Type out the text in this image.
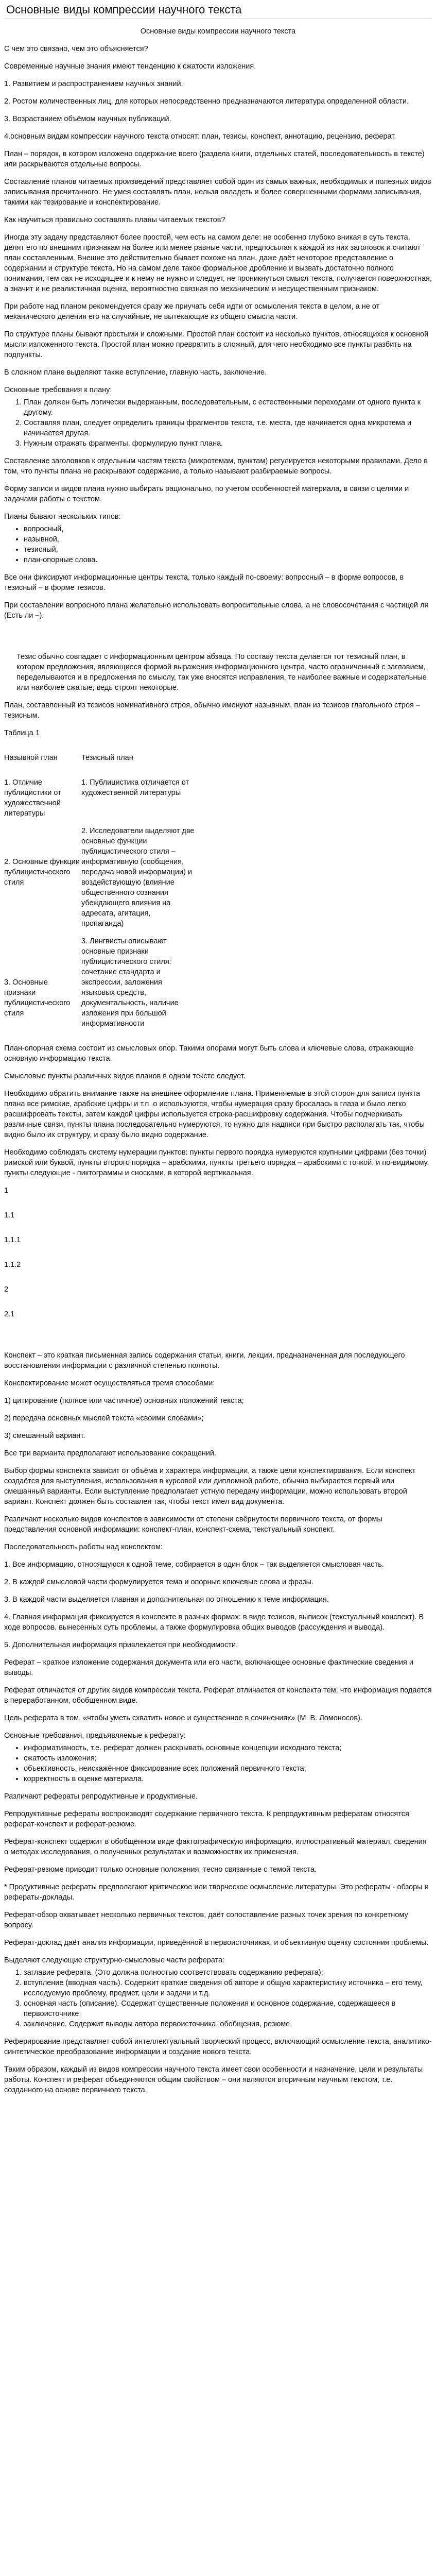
Основные виды компрессии научного текста

Основные виды компрессии научного текста

С чем это связано, чем это объясняется?

Современные научные знания имеют тенденцию к сжатости изложения.

1. Развитием и распространением научных знаний.

2. Ростом количественных лиц, для которых непосредственно предназначаются литература определенной области.

3. Возрастанием объёмом научных публикаций.

4.основным видам компрессии научного текста относят: план, тезисы, конспект, аннотацию, рецензию, реферат.

План – порядок, в котором изложено содержание всего (раздела книги, отдельных статей, последовательность в тексте) или раскрываются отдельные вопросы.

Составление планов читаемых произведений представляет собой один из самых важных, необходимых и полезных видов записывания прочитанного. Не умея составлять план, нельзя овладеть и более совершенными формами записывания, такими как тезирование и конспектирование.

Как научиться правильно составлять планы читаемых текстов?

Иногда эту задачу представляют более простой, чем есть на самом деле: не особенно глубоко вникая в суть текста, делят его по внешним признакам на более или менее равные части, предпосылая к каждой из них заголовок и считают план составленным. Внешне это действительно бывает похоже на план, даже даёт некоторое представление о содержании и структуре текста. Но на самом деле такое формальное дробление и вызвать достаточно полного понимания, тем сах не исходящее и к нему не нужно и следует, не проникнуться смысл текста, получается поверхностная, а значит и не реалистичная оценка, вероятностно связная по механическим и несущественным признаком.

При работе над планом рекомендуется сразу же приучать себя идти от осмысления текста в целом, а не от механического деления его на случайные, не вытекающие из общего смысла части.

По структуре планы бывают простыми и сложными. Простой план состоит из несколько пунктов, относящихся к основной мысли изложенного текста. Простой план можно превратить в сложный, для чего необходимо все пункты разбить на подпункты.

В сложном плане выделяют также вступление, главную часть, заключение.

Основные требования к плану:

1. План должен быть логически выдержанным, последовательным, с естественными переходами от одного пункта к другому.
2. Составляя план, следует определить границы фрагментов текста, т.е. места, где начинается одна микротема и начинается другая.
3. Нужным отражать фрагменты, формулирую пункт плана.

Составление заголовков к отдельным частям текста (микротемам, пунктам) регулируется некоторыми правилами. Дело в том, что пункты плана не раскрывают содержание, а только называют разбираемые вопросы.

Форму записи и видов плана нужно выбирать рационально, по учетом особенностей материала, в связи с целями и задачами работы с текстом.

Планы бывают нескольких типов:

• вопросный,
• назывной,
• тезисный,
• план-опорные слова.

Все они фиксируют информационные центры текста, только каждый по-своему: вопросный – в форме вопросов, в тезисный – в форме тезисов.

При составлении вопросного плана желательно использовать вопросительные слова, а не словосочетания с частицей ли (Есть ли –).

Тезис обычно совпадает с информационным центром абзаца. По составу текста делается тот тезисный план, в котором предложения, являющиеся формой выражения информационного центра, часто ограниченный с заглавием, переделываются и в предложения по смыслу, так уже вносятся исправления, те наиболее важные и содержательные или наиболее сжатые, ведь строят некоторые.

План, составленный из тезисов номинативного строя, обычно именуют назывным, план из тезисов глагольного строя – тезисным.

Таблица 1

Назывной план	Тезисный план
1. Отличие публицистики от художественной литературы
1. Публицистика отличается от художественной литературы
2. Основные функции публицистического стиля
2. Исследователи выделяют две основные функции публицистического стиля – информативную (сообщения, передача новой информации) и воздействующую (влияние общественного сознания убеждающего влияния на адресата, агитация, пропаганда)
3. Основные признаки публицистического стиля
3. Лингвисты описывают основные признаки публицистического стиля: сочетание стандарта и экспрессии, заложения языковых средств, документальность, наличие изложения при большой информативности

План-опорная схема состоит из смысловых опор. Такими опорами могут быть слова и ключевые слова, отражающие основную информацию текста.

Смысловые пункты различных видов планов в одном тексте следует.

Необходимо обратить внимание также на внешнее оформление плана. Применяемые в этой сторон для записи пункта плана все римские, арабские цифры и т.п. о используются, чтобы нумерация сразу бросалась в глаза и было легко расшифровать тексты, затем каждой цифры используется строка-расшифровку содержания. Чтобы подчеркивать различные связи, пункты плана последовательно нумеруются, то нужно для надписи при быстро располагать так, чтобы видно было их структуру, и сразу было видно содержание.

Необходимо соблюдать систему нумерации пунктов: пункты первого порядка нумеруются крупными цифрами (без точки) римской или буквой, пункты второго порядка – арабскими, пункты третьего порядка – арабскими с точкой. и по-видимому, пункты следующие - пиктограммы и сносками, в которой вертикальная.

1

1.1

1.1.1

1.1.2

2

2.1

Конспект – это краткая письменная запись содержания статьи, книги, лекции, предназначенная для последующего восстановления информации с различной степенью полноты.

Конспектирование может осуществляться тремя способами:

1) цитирование (полное или частичное) основных положений текста;

2) передача основных мыслей текста «своими словами»;

3) смешанный вариант.

Все три варианта предполагают использование сокращений.

Выбор формы конспекта зависит от объёма и характера информации, а также цели конспектирования. Если конспект создаётся для выступления, использования в курсовой или дипломной работе, обычно выбирается первый или смешанный варианты. Если выступление предполагает устную передачу информации, можно использовать второй вариант. Конспект должен быть составлен так, чтобы текст имел вид документа.

Различают несколько видов конспектов в зависимости от степени свёрнутости первичного текста, от формы представления основной информации: конспект-план, конспект-схема, текстуальный конспект.

Последовательность работы над конспектом:

1. Все информацию, относящуюся к одной теме, собирается в один блок – так выделяется смысловая часть.

2. В каждой смысловой части формулируется тема и опорные ключевые слова и фразы.

3. В каждой части выделяется главная и дополнительная по отношению к теме информация.

4. Главная информация фиксируется в конспекте в разных формах: в виде тезисов, выписок (текстуальный конспект). В ходе вопросов, вынесенных суть проблемы, а также формулировка общих выводов (рассуждения и вывода).

5. Дополнительная информация привлекается при необходимости.

Реферат – краткое изложение содержания документа или его части, включающее основные фактические сведения и выводы.

Реферат отличается от других видов компрессии текста. Реферат отличается от конспекта тем, что информация подается в переработанном, обобщенном виде.

Цель реферата в том, «чтобы уметь схватить новое и существенное в сочинениях» (М. В. Ломоносов).

Основные требования, предъявляемые к реферату:

• информативность, т.е. реферат должен раскрывать основные концепции исходного текста;
• сжатость изложения;
• объективность, неискажённое фиксирование всех положений первичного текста;
• корректность в оценке материала.

Различают рефераты репродуктивные и продуктивные.

Репродуктивные рефераты воспроизводят содержание первичного текста. К репродуктивным рефератам относятся реферат-конспект и реферат-резюме.

Реферат-конспект содержит в обобщённом виде фактографическую информацию, иллюстративный материал, сведения о методах исследования, о полученных результатах и возможностях их применения.

Реферат-резюме приводит только основные положения, тесно связанные с темой текста.

* Продуктивные рефераты предполагают критическое или творческое осмысление литературы. Это рефераты - обзоры и рефераты-доклады.

Реферат-обзор охватывает несколько первичных текстов, даёт сопоставление разных точек зрения по конкретному вопросу.

Реферат-доклад даёт анализ информации, приведённой в первоисточниках, и объективную оценку состояния проблемы.

Выделяют следующие структурно-смысловые части реферата:

1. заглавие реферата. (Это должна полностью соответствовать содержанию реферата);
2. вступление (вводная часть). Содержит краткие сведения об авторе и общую характеристику источника – его тему, исследуемую проблему, предмет, цели и задачи и т.д.
3. основная часть (описание). Содержит существенные положения и основное содержание, содержащееся в первоисточнике;
4. заключение. Содержит выводы автора первоисточника, обобщения, резюме.

Реферирование представляет собой интеллектуальный творческий процесс, включающий осмысление текста, аналитико-синтетическое преобразование информации и создание нового текста.

Таким образом, каждый из видов компрессии научного текста имеет свои особенности и назначение, цели и результаты работы. Конспект и реферат объединяются общим свойством – они являются вторичным научным текстом, т.е. созданного на основе первичного текста.
